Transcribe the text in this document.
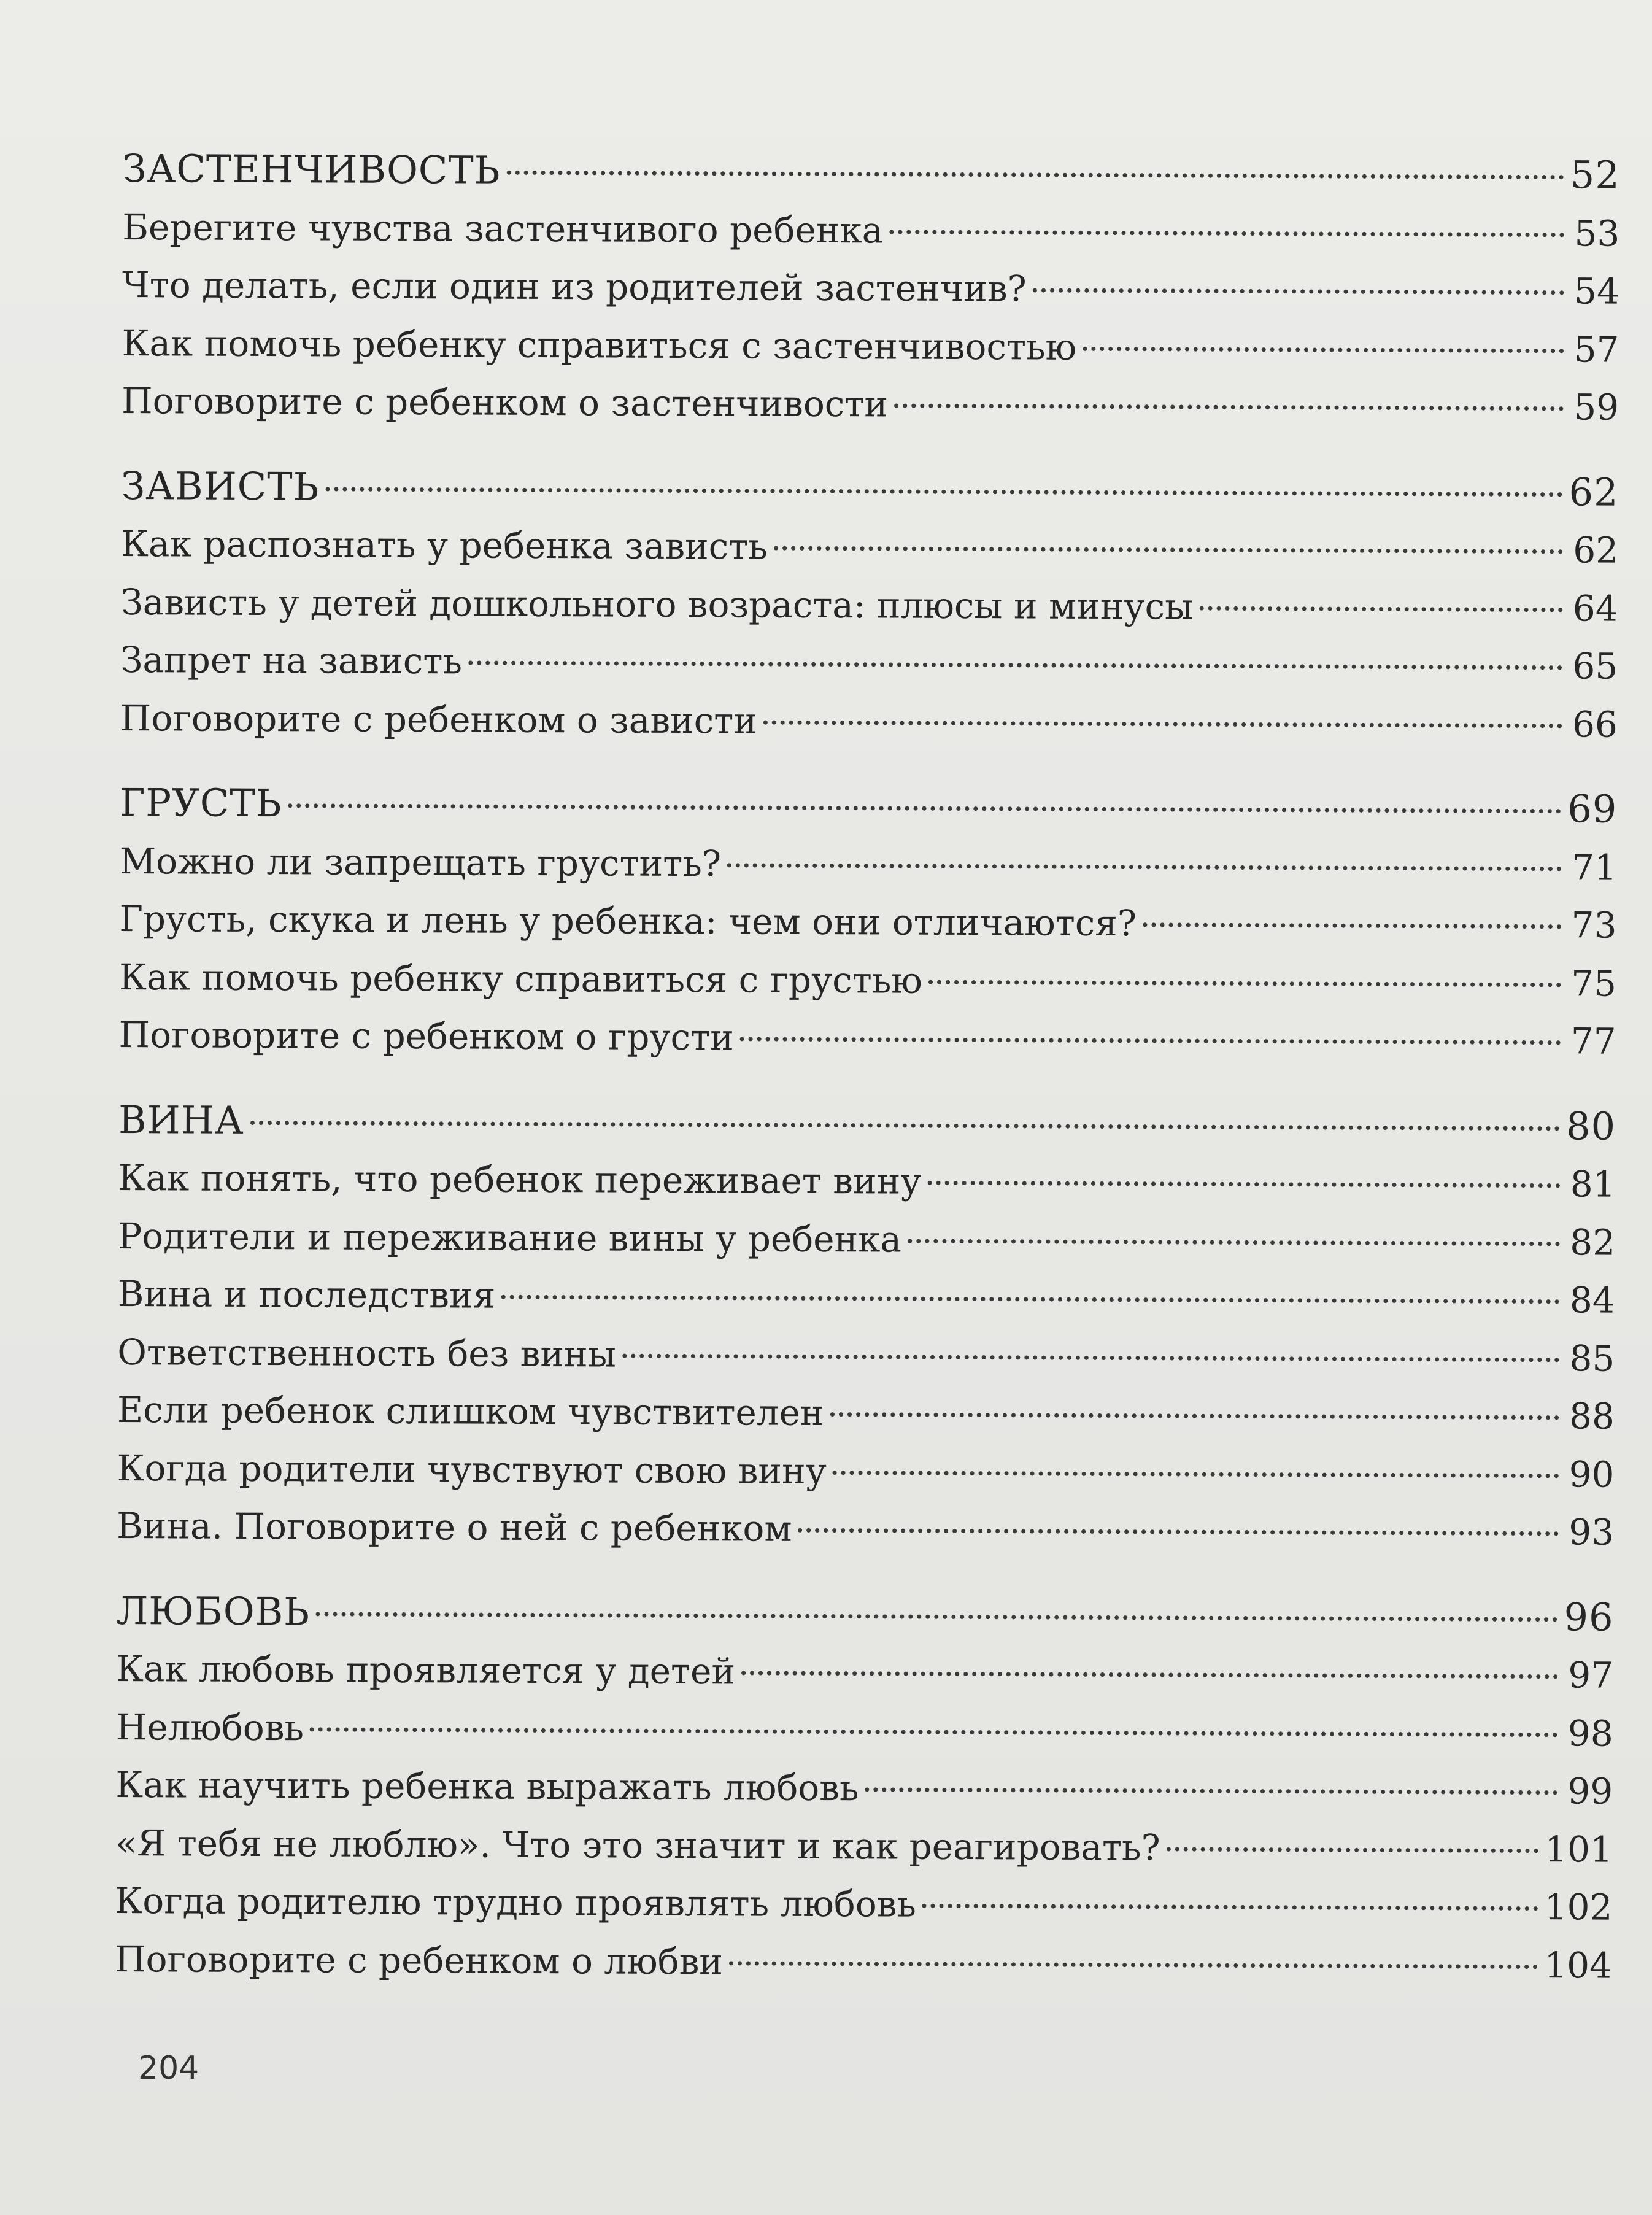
ЗАСТЕНЧИВОСТЬ	52
Берегите чувства застенчивого ребенка	53
Что делать, если один из родителей застенчив?	54
Как помочь ребенку справиться с застенчивостью	57
Поговорите с ребенком о застенчивости	59
ЗАВИСТЬ	62
Как распознать у ребенка зависть	62
Зависть у детей дошкольного возраста: плюсы и минусы	64
Запрет на зависть	65
Поговорите с ребенком о зависти	66
ГРУСТЬ	69
Можно ли запрещать грустить?	71
Грусть, скука и лень у ребенка: чем они отличаются?	73
Как помочь ребенку справиться с грустью	75
Поговорите с ребенком о грусти	77
ВИНА	80
Как понять, что ребенок переживает вину	81
Родители и переживание вины у ребенка	82
Вина и последствия	84
Ответственность без вины	85
Если ребенок слишком чувствителен	88
Когда родители чувствуют свою вину	90
Вина. Поговорите о ней с ребенком	93
ЛЮБОВЬ	96
Как любовь проявляется у детей	97
Нелюбовь	98
Как научить ребенка выражать любовь	99
«Я тебя не люблю». Что это значит и как реагировать?	101
Когда родителю трудно проявлять любовь	102
Поговорите с ребенком о любви	104
204
